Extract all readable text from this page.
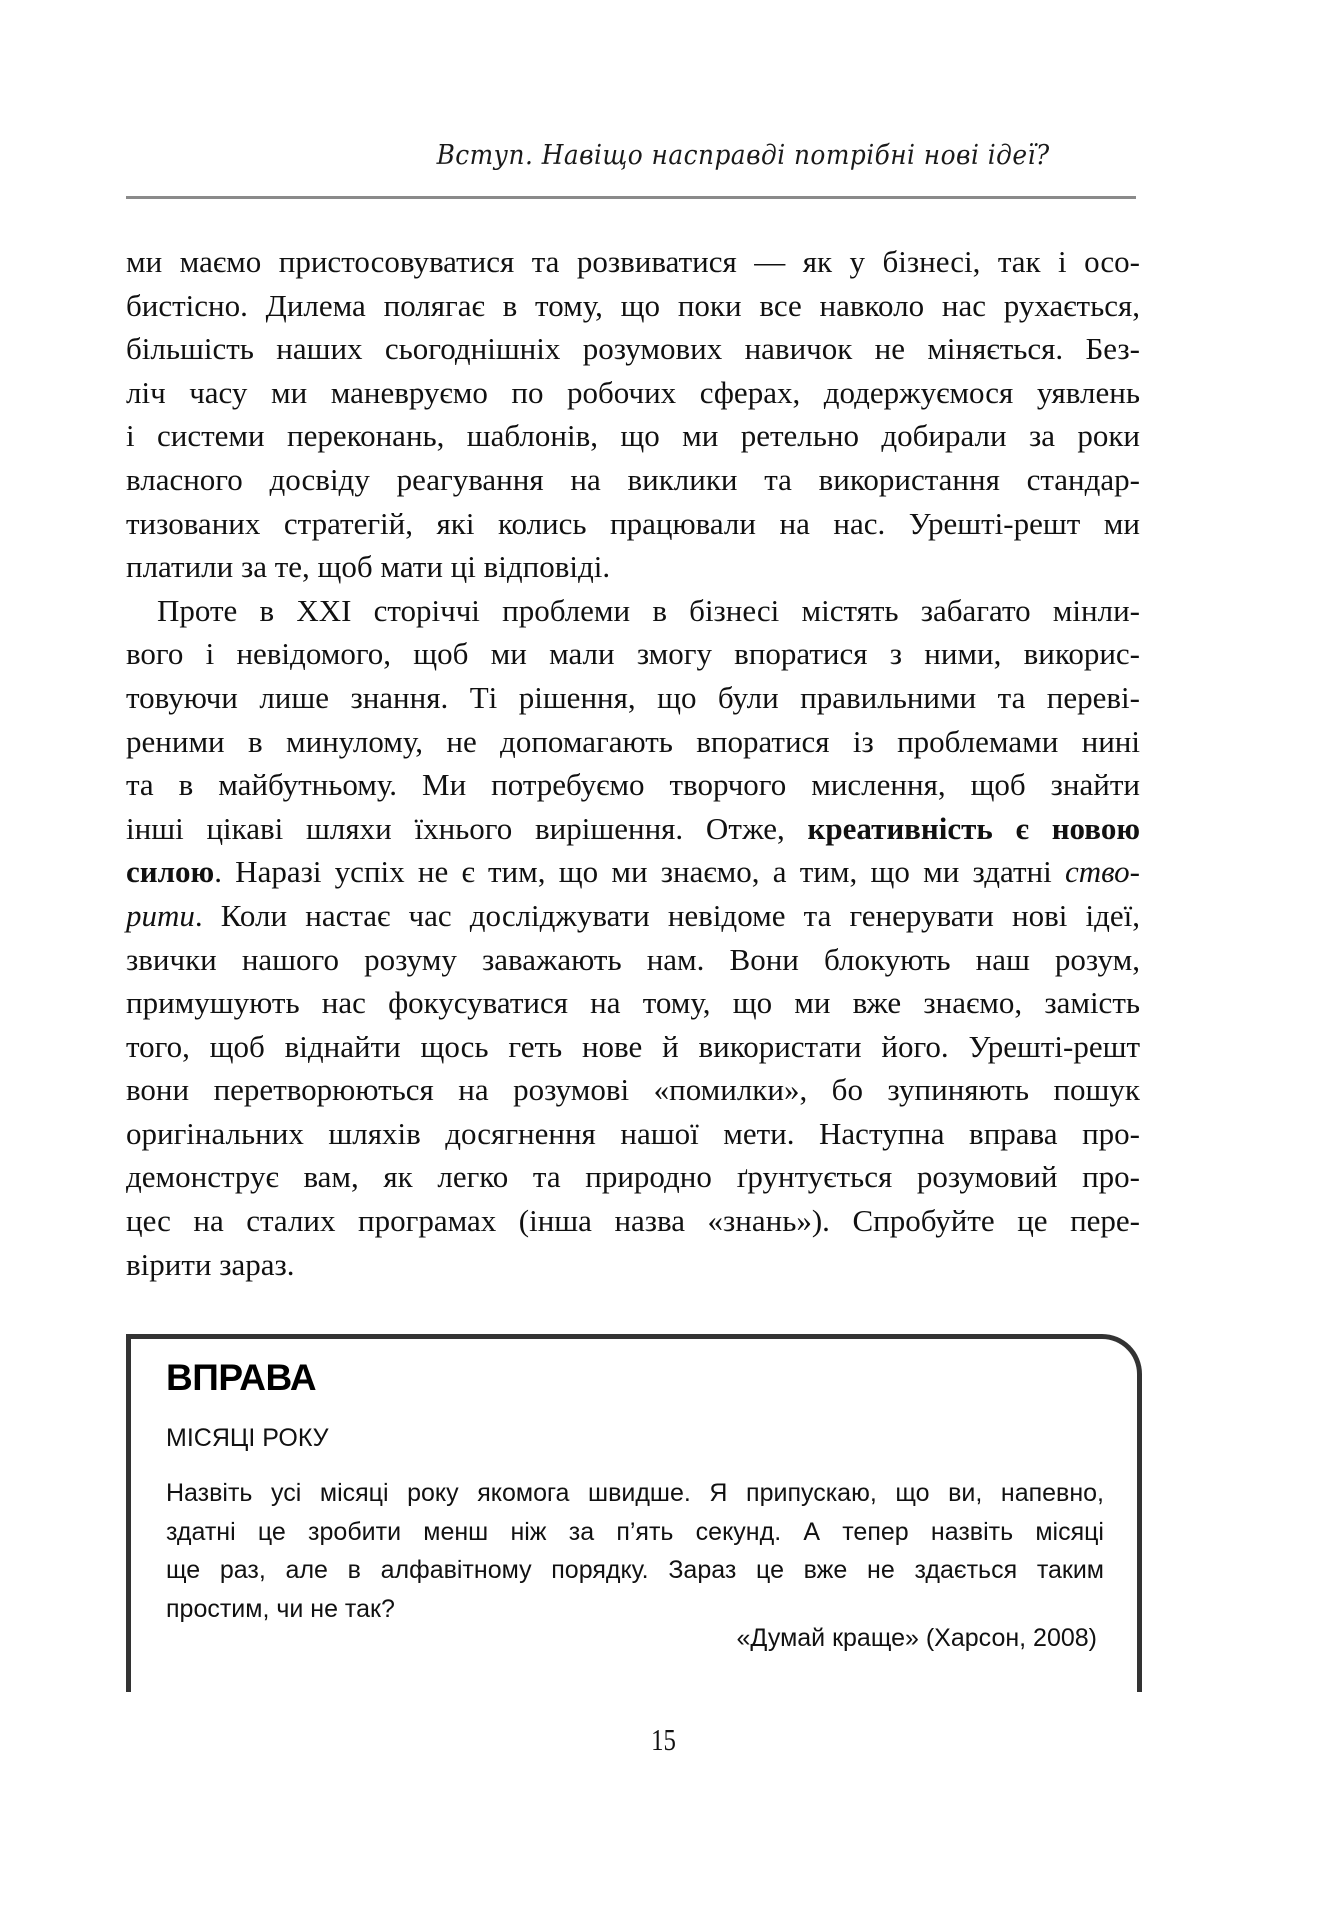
Вступ. Навіщо насправді потрібні нові ідеї?

ми маємо пристосовуватися та розвиватися — як у бізнесі, так і осо-
бистісно. Дилема полягає в тому, що поки все навколо нас рухається,
більшість наших сьогоднішніх розумових навичок не міняється. Без-
ліч часу ми маневруємо по робочих сферах, додержуємося уявлень
і системи переконань, шаблонів, що ми ретельно добирали за роки
власного досвіду реагування на виклики та використання стандар-
тизованих стратегій, які колись працювали на нас. Урешті-решт ми
платили за те, щоб мати ці відповіді.

Проте в XXI сторіччі проблеми в бізнесі містять забагато мінли-
вого і невідомого, щоб ми мали змогу впоратися з ними, викорис-
товуючи лише знання. Ті рішення, що були правильними та переві-
реними в минулому, не допомагають впоратися із проблемами нині
та в майбутньому. Ми потребуємо творчого мислення, щоб знайти
інші цікаві шляхи їхнього вирішення. Отже, креативність є новою
силою. Наразі успіх не є тим, що ми знаємо, а тим, що ми здатні ство-
рити. Коли настає час досліджувати невідоме та генерувати нові ідеї,
звички нашого розуму заважають нам. Вони блокують наш розум,
примушують нас фокусуватися на тому, що ми вже знаємо, замість
того, щоб віднайти щось геть нове й використати його. Урешті-решт
вони перетворюються на розумові «помилки», бо зупиняють пошук
оригінальних шляхів досягнення нашої мети. Наступна вправа про-
демонструє вам, як легко та природно ґрунтується розумовий про-
цес на сталих програмах (інша назва «знань»). Спробуйте це пере-
вірити зараз.

ВПРАВА
МІСЯЦІ РОКУ
Назвіть усі місяці року якомога швидше. Я припускаю, що ви, напевно,
здатні це зробити менш ніж за п’ять секунд. А тепер назвіть місяці
ще раз, але в алфавітному порядку. Зараз це вже не здається таким
простим, чи не так?
«Думай краще» (Харсон, 2008)
15
